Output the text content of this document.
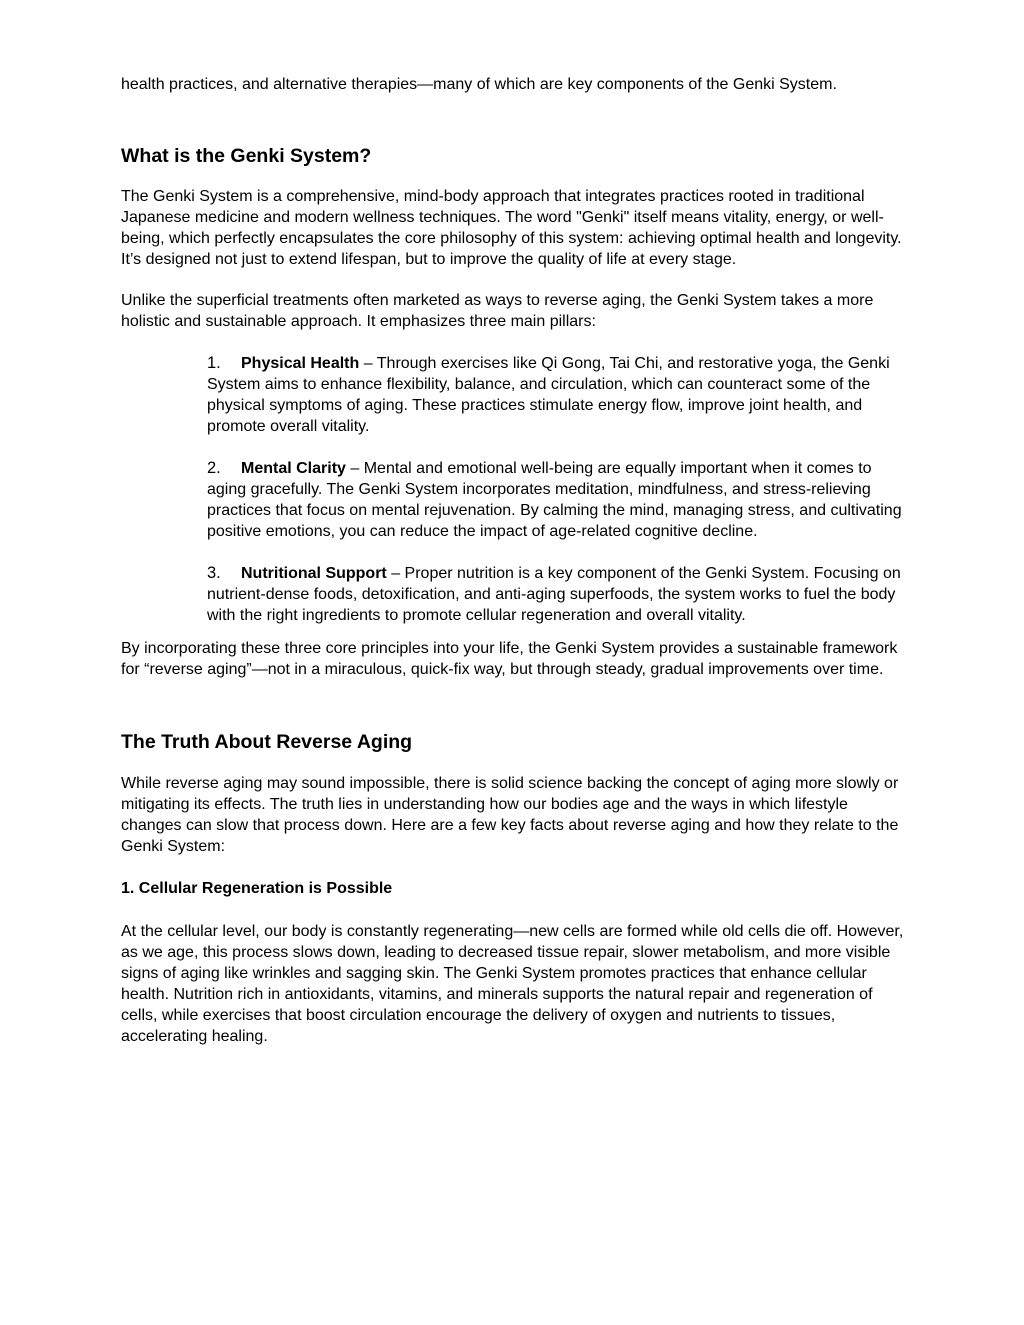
health practices, and alternative therapies—many of which are key components of the Genki System.

What is the Genki System?

The Genki System is a comprehensive, mind-body approach that integrates practices rooted in traditional Japanese medicine and modern wellness techniques. The word "Genki" itself means vitality, energy, or well-being, which perfectly encapsulates the core philosophy of this system: achieving optimal health and longevity. It’s designed not just to extend lifespan, but to improve the quality of life at every stage.

Unlike the superficial treatments often marketed as ways to reverse aging, the Genki System takes a more holistic and sustainable approach. It emphasizes three main pillars:

1. Physical Health – Through exercises like Qi Gong, Tai Chi, and restorative yoga, the Genki System aims to enhance flexibility, balance, and circulation, which can counteract some of the physical symptoms of aging. These practices stimulate energy flow, improve joint health, and promote overall vitality.
2. Mental Clarity – Mental and emotional well-being are equally important when it comes to aging gracefully. The Genki System incorporates meditation, mindfulness, and stress-relieving practices that focus on mental rejuvenation. By calming the mind, managing stress, and cultivating positive emotions, you can reduce the impact of age-related cognitive decline.
3. Nutritional Support – Proper nutrition is a key component of the Genki System. Focusing on nutrient-dense foods, detoxification, and anti-aging superfoods, the system works to fuel the body with the right ingredients to promote cellular regeneration and overall vitality.

By incorporating these three core principles into your life, the Genki System provides a sustainable framework for “reverse aging”—not in a miraculous, quick-fix way, but through steady, gradual improvements over time.

The Truth About Reverse Aging

While reverse aging may sound impossible, there is solid science backing the concept of aging more slowly or mitigating its effects. The truth lies in understanding how our bodies age and the ways in which lifestyle changes can slow that process down. Here are a few key facts about reverse aging and how they relate to the Genki System:

1. Cellular Regeneration is Possible

At the cellular level, our body is constantly regenerating—new cells are formed while old cells die off. However, as we age, this process slows down, leading to decreased tissue repair, slower metabolism, and more visible signs of aging like wrinkles and sagging skin. The Genki System promotes practices that enhance cellular health. Nutrition rich in antioxidants, vitamins, and minerals supports the natural repair and regeneration of cells, while exercises that boost circulation encourage the delivery of oxygen and nutrients to tissues, accelerating healing.
